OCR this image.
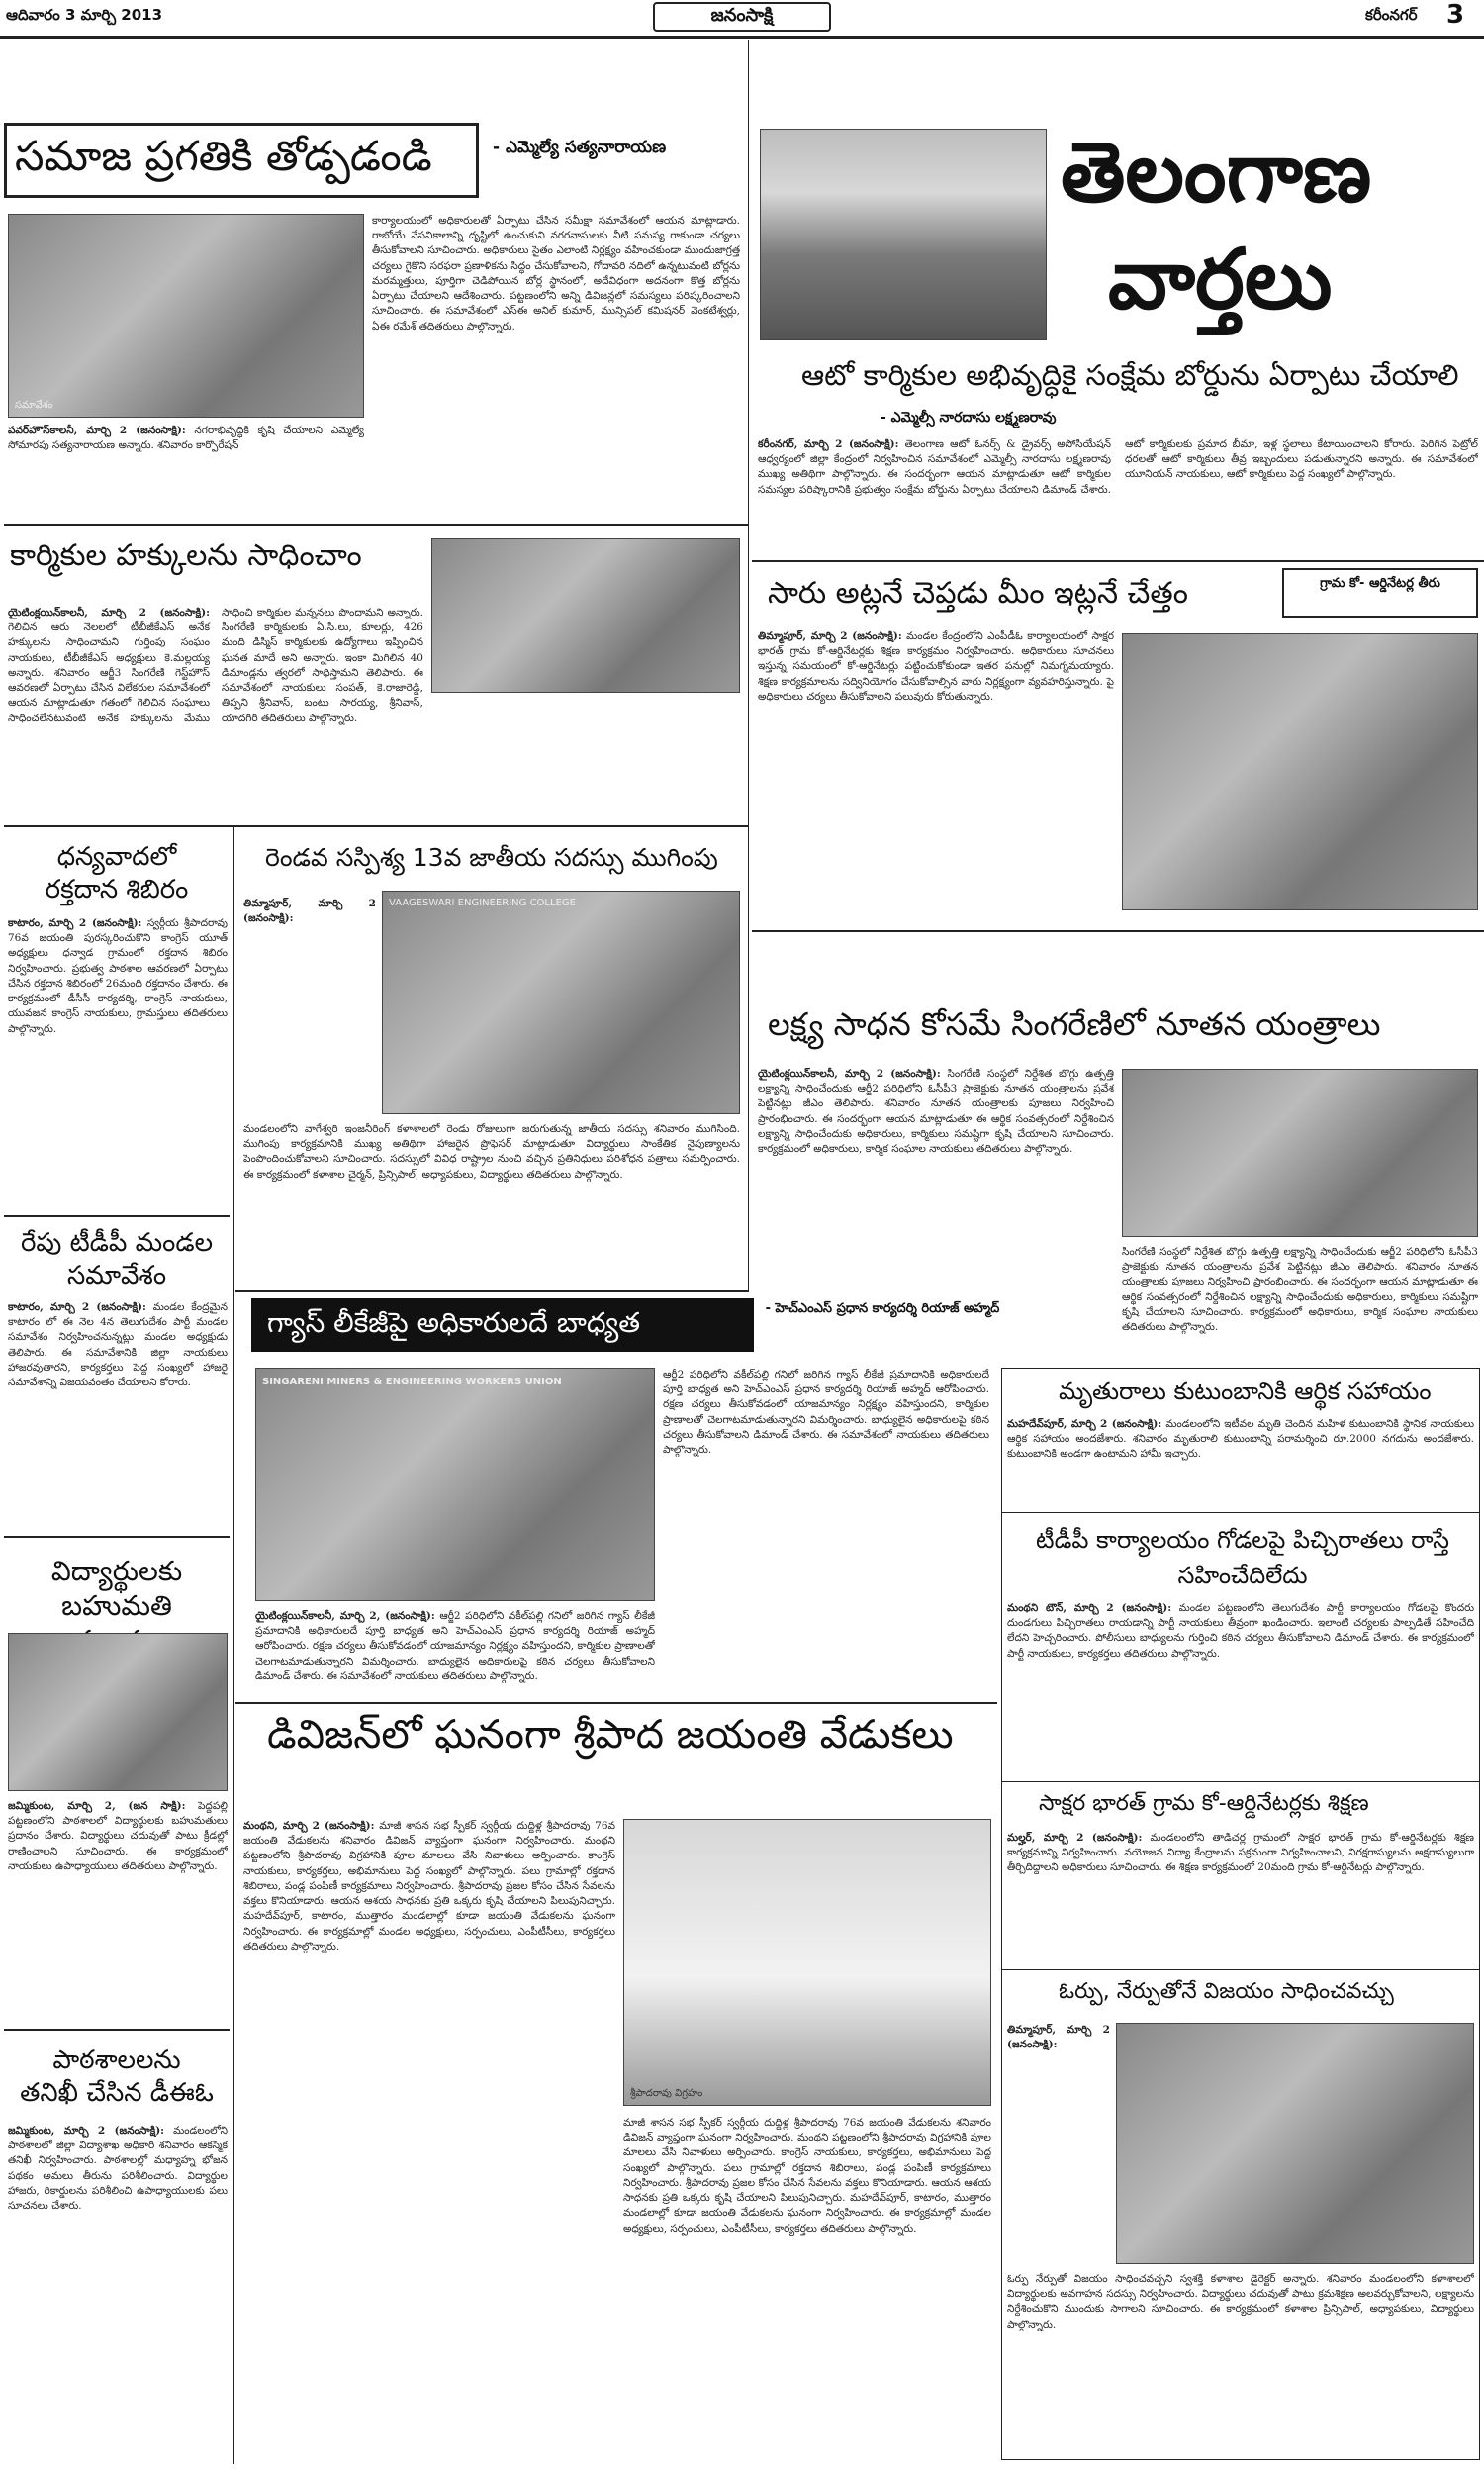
ఆదివారం 3 మార్చి 2013	జనంసాక్షి	కరీంనగర్ 3
సమాజ ప్రగతికి తోడ్పడండి	- ఎమ్మెల్యే సత్యనారాయణ
సమావేశం
కార్యాలయంలో అధికారులతో ఏర్పాటు చేసిన సమీక్షా సమావేశంలో ఆయన మాట్లాడారు. రాబోయే వేసవికాలాన్ని దృష్టిలో ఉంచుకుని నగరవాసులకు నీటి సమస్య రాకుండా చర్యలు తీసుకోవాలని సూచించారు. అధికారులు సైతం ఎలాంటి నిర్లక్ష్యం వహించకుండా ముందుజాగ్రత్త చర్యలు గైకొని సరఫరా ప్రణాళికను సిద్ధం చేసుకోవాలని, గోదావరి నదిలో ఉన్నటువంటి బోర్లను మరమ్మత్తులు, పూర్తిగా చెడిపోయిన బోర్ల స్థానంలో, అదేవిధంగా అదనంగా కొత్త బోర్లను ఏర్పాటు చేయాలని ఆదేశించారు. పట్టణంలోని అన్ని డివిజన్లలో సమస్యలు పరిష్కరించాలని సూచించారు. ఈ సమావేశంలో ఎస్ఈ అనిల్ కుమార్, మున్సిపల్ కమిషనర్ వెంకటేశ్వర్లు, ఏఈ రమేశ్ తదితరులు పాల్గొన్నారు.
పవర్‌హౌస్‌కాలనీ, మార్చి 2 (జనంసాక్షి): నగరాభివృద్ధికి కృషి చేయాలని ఎమ్మెల్యే సోమారపు సత్యనారాయణ అన్నారు. శనివారం కార్పొరేషన్
కార్మికుల హక్కులను సాధించాం
యైటింక్లయిన్‌కాలనీ, మార్చి 2 (జనంసాక్షి): గెలిచిన ఆరు నెలలలో టీబీజీకేఎస్ అనేక హక్కులను సాధించామని గుర్తింపు సంఘం నాయకులు, టీబీజీకేఎస్ అధ్యక్షులు కె.మల్లయ్య అన్నారు. శనివారం ఆర్జీ3 సింగరేణి గెస్ట్‌హౌస్ ఆవరణలో ఏర్పాటు చేసిన విలేకరుల సమావేశంలో ఆయన మాట్లాడుతూ గతంలో గెలిచిన సంఘాలు సాధించలేనటువంటి అనేక హక్కులను మేము సాధించి కార్మికుల మన్ననలు పొందామని అన్నారు. సింగరేణి కార్మికులకు ఏ.సి.లు, కూలర్లు, 426 మంది డిస్మిస్ కార్మికులకు ఉద్యోగాలు ఇప్పించిన ఘనత మాదే అని అన్నారు. ఇంకా మిగిలిన 40 డిమాండ్లను త్వరలో సాధిస్తామని తెలిపారు. ఈ సమావేశంలో నాయకులు సంపత్, కె.రాజారెడ్డి, తిప్పని శ్రీనివాస్, బంటు సారయ్య, శ్రీనివాస్, యాదగిరి తదితరులు పాల్గొన్నారు.
ధన్యవాదలో రక్తదాన శిబిరం
కాటారం, మార్చి 2 (జనంసాక్షి): స్వర్గీయ శ్రీపాదరావు 76వ జయంతి పురస్కరించుకొని కాంగ్రెస్ యూత్ అధ్యక్షులు ధన్వాడ గ్రామంలో రక్తదాన శిబిరం నిర్వహించారు. ప్రభుత్వ పాఠశాల ఆవరణలో ఏర్పాటు చేసిన రక్తదాన శిబిరంలో 26మంది రక్తదానం చేశారు. ఈ కార్యక్రమంలో డీసీసీ కార్యదర్శి, కాంగ్రెస్ నాయకులు, యువజన కాంగ్రెస్ నాయకులు, గ్రామస్తులు తదితరులు పాల్గొన్నారు.
రేపు టీడీపీ మండల సమావేశం
కాటారం, మార్చి 2 (జనంసాక్షి): మండల కేంద్రమైన కాటారం లో ఈ నెల 4న తెలుగుదేశం పార్టీ మండల సమావేశం నిర్వహించనున్నట్లు మండల అధ్యక్షుడు తెలిపారు. ఈ సమావేశానికి జిల్లా నాయకులు హాజరవుతారని, కార్యకర్తలు పెద్ద సంఖ్యలో హాజరై సమావేశాన్ని విజయవంతం చేయాలని కోరారు.
విద్యార్థులకు బహుమతి
జమ్మికుంట, మార్చి 2, (జన సాక్షి): పెద్దపల్లి పట్టణంలోని పాఠశాలలో విద్యార్థులకు బహుమతులు ప్రదానం చేశారు. విద్యార్థులు చదువుతో పాటు క్రీడల్లో రాణించాలని సూచించారు. ఈ కార్యక్రమంలో నాయకులు ఉపాధ్యాయులు తదితరులు పాల్గొన్నారు.
పాఠశాలలను తనిఖీ చేసిన డీఈఓ
జమ్మికుంట, మార్చి 2 (జనంసాక్షి): మండలంలోని పాఠశాలలో జిల్లా విద్యాశాఖ అధికారి శనివారం ఆకస్మిక తనిఖీ నిర్వహించారు. పాఠశాలల్లో మధ్యాహ్న భోజన పథకం అమలు తీరును పరిశీలించారు. విద్యార్థుల హాజరు, రికార్డులను పరిశీలించి ఉపాధ్యాయులకు పలు సూచనలు చేశారు.
రెండవ సస్పిశ్య 13వ జాతీయ సదస్సు ముగింపు
VAAGESWARI ENGINEERING COLLEGE
తిమ్మాపూర్, మార్చి 2 (జనంసాక్షి):
మండలంలోని వాగేశ్వరి ఇంజనీరింగ్ కళాశాలలో రెండు రోజులుగా జరుగుతున్న జాతీయ సదస్సు శనివారం ముగిసింది. ముగింపు కార్యక్రమానికి ముఖ్య అతిథిగా హాజరైన ప్రొఫెసర్ మాట్లాడుతూ విద్యార్థులు సాంకేతిక నైపుణ్యాలను పెంపొందించుకోవాలని సూచించారు. సదస్సులో వివిధ రాష్ట్రాల నుంచి వచ్చిన ప్రతినిధులు పరిశోధన పత్రాలు సమర్పించారు. ఈ కార్యక్రమంలో కళాశాల చైర్మన్, ప్రిన్సిపాల్, అధ్యాపకులు, విద్యార్థులు తదితరులు పాల్గొన్నారు.
గ్యాస్ లీకేజీపై అధికారులదే బాధ్యత	- హెచ్‌ఎంఎస్ ప్రధాన కార్యదర్శి రియాజ్ అహ్మద్
SINGARENI MINERS & ENGINEERING WORKERS UNION
యైటింక్లయిన్‌కాలనీ, మార్చి 2, (జనంసాక్షి): ఆర్జీ2 పరిధిలోని వకీల్‌పల్లి గనిలో జరిగిన గ్యాస్ లీకేజీ ప్రమాదానికి అధికారులదే పూర్తి బాధ్యత అని హెచ్‌ఎంఎస్ ప్రధాన కార్యదర్శి రియాజ్ అహ్మద్ ఆరోపించారు. రక్షణ చర్యలు తీసుకోవడంలో యాజమాన్యం నిర్లక్ష్యం వహిస్తుందని, కార్మికుల ప్రాణాలతో చెలగాటమాడుతున్నారని విమర్శించారు. బాధ్యులైన అధికారులపై కఠిన చర్యలు తీసుకోవాలని డిమాండ్ చేశారు. ఈ సమావేశంలో నాయకులు తదితరులు పాల్గొన్నారు.
ఆర్జీ2 పరిధిలోని వకీల్‌పల్లి గనిలో జరిగిన గ్యాస్ లీకేజీ ప్రమాదానికి అధికారులదే పూర్తి బాధ్యత అని హెచ్‌ఎంఎస్ ప్రధాన కార్యదర్శి రియాజ్ అహ్మద్ ఆరోపించారు. రక్షణ చర్యలు తీసుకోవడంలో యాజమాన్యం నిర్లక్ష్యం వహిస్తుందని, కార్మికుల ప్రాణాలతో చెలగాటమాడుతున్నారని విమర్శించారు. బాధ్యులైన అధికారులపై కఠిన చర్యలు తీసుకోవాలని డిమాండ్ చేశారు. ఈ సమావేశంలో నాయకులు తదితరులు పాల్గొన్నారు.
డివిజన్‌లో ఘనంగా శ్రీపాద జయంతి వేడుకలు
మంథని, మార్చి 2 (జనంసాక్షి): మాజీ శాసన సభ స్పీకర్ స్వర్గీయ దుద్దిళ్ల శ్రీపాదరావు 76వ జయంతి వేడుకలను శనివారం డివిజన్ వ్యాప్తంగా ఘనంగా నిర్వహించారు. మంథని పట్టణంలోని శ్రీపాదరావు విగ్రహానికి పూల మాలలు వేసి నివాళులు అర్పించారు. కాంగ్రెస్ నాయకులు, కార్యకర్తలు, అభిమానులు పెద్ద సంఖ్యలో పాల్గొన్నారు. పలు గ్రామాల్లో రక్తదాన శిబిరాలు, పండ్ల పంపిణీ కార్యక్రమాలు నిర్వహించారు. శ్రీపాదరావు ప్రజల కోసం చేసిన సేవలను వక్తలు కొనియాడారు. ఆయన ఆశయ సాధనకు ప్రతి ఒక్కరు కృషి చేయాలని పిలుపునిచ్చారు. మహదేవ్‌పూర్, కాటారం, ముత్తారం మండలాల్లో కూడా జయంతి వేడుకలను ఘనంగా నిర్వహించారు. ఈ కార్యక్రమాల్లో మండల అధ్యక్షులు, సర్పంచులు, ఎంపీటీసీలు, కార్యకర్తలు తదితరులు పాల్గొన్నారు.
శ్రీపాదరావు విగ్రహం
మాజీ శాసన సభ స్పీకర్ స్వర్గీయ దుద్దిళ్ల శ్రీపాదరావు 76వ జయంతి వేడుకలను శనివారం డివిజన్ వ్యాప్తంగా ఘనంగా నిర్వహించారు. మంథని పట్టణంలోని శ్రీపాదరావు విగ్రహానికి పూల మాలలు వేసి నివాళులు అర్పించారు. కాంగ్రెస్ నాయకులు, కార్యకర్తలు, అభిమానులు పెద్ద సంఖ్యలో పాల్గొన్నారు. పలు గ్రామాల్లో రక్తదాన శిబిరాలు, పండ్ల పంపిణీ కార్యక్రమాలు నిర్వహించారు. శ్రీపాదరావు ప్రజల కోసం చేసిన సేవలను వక్తలు కొనియాడారు. ఆయన ఆశయ సాధనకు ప్రతి ఒక్కరు కృషి చేయాలని పిలుపునిచ్చారు. మహదేవ్‌పూర్, కాటారం, ముత్తారం మండలాల్లో కూడా జయంతి వేడుకలను ఘనంగా నిర్వహించారు. ఈ కార్యక్రమాల్లో మండల అధ్యక్షులు, సర్పంచులు, ఎంపీటీసీలు, కార్యకర్తలు తదితరులు పాల్గొన్నారు.
తెలంగాణ
వార్తలు
ఆటో కార్మికుల అభివృద్ధికై సంక్షేమ బోర్డును ఏర్పాటు చేయాలి
- ఎమ్మెల్సీ నారదాసు లక్ష్మణరావు
కరీంనగర్, మార్చి 2 (జనంసాక్షి): తెలంగాణ ఆటో ఓనర్స్ & డ్రైవర్స్ అసోసియేషన్ ఆధ్వర్యంలో జిల్లా కేంద్రంలో నిర్వహించిన సమావేశంలో ఎమ్మెల్సీ నారదాసు లక్ష్మణరావు ముఖ్య అతిథిగా పాల్గొన్నారు. ఈ సందర్భంగా ఆయన మాట్లాడుతూ ఆటో కార్మికుల సమస్యల పరిష్కారానికి ప్రభుత్వం సంక్షేమ బోర్డును ఏర్పాటు చేయాలని డిమాండ్ చేశారు. ఆటో కార్మికులకు ప్రమాద బీమా, ఇళ్ల స్థలాలు కేటాయించాలని కోరారు. పెరిగిన పెట్రోల్ ధరలతో ఆటో కార్మికులు తీవ్ర ఇబ్బందులు పడుతున్నారని అన్నారు. ఈ సమావేశంలో యూనియన్ నాయకులు, ఆటో కార్మికులు పెద్ద సంఖ్యలో పాల్గొన్నారు.
సారు అట్లనే చెప్తడు మీం ఇట్లనే చేత్తం	గ్రామ కో- ఆర్డినేటర్ల తీరు
తిమ్మాపూర్, మార్చి 2 (జనంసాక్షి): మండల కేంద్రంలోని ఎంపీడీఓ కార్యాలయంలో సాక్షర భారత్ గ్రామ కో-ఆర్డినేటర్లకు శిక్షణ కార్యక్రమం నిర్వహించారు. అధికారులు సూచనలు ఇస్తున్న సమయంలో కో-ఆర్డినేటర్లు పట్టించుకోకుండా ఇతర పనుల్లో నిమగ్నమయ్యారు. శిక్షణ కార్యక్రమాలను సద్వినియోగం చేసుకోవాల్సిన వారు నిర్లక్ష్యంగా వ్యవహరిస్తున్నారు. పై అధికారులు చర్యలు తీసుకోవాలని పలువురు కోరుతున్నారు.
లక్ష్య సాధన కోసమే సింగరేణిలో నూతన యంత్రాలు
యైటింక్లయిన్‌కాలనీ, మార్చి 2 (జనంసాక్షి): సింగరేణి సంస్థలో నిర్దేశిత బొగ్గు ఉత్పత్తి లక్ష్యాన్ని సాధించేందుకు ఆర్జీ2 పరిధిలోని ఓసీపీ3 ప్రాజెక్టుకు నూతన యంత్రాలను ప్రవేశ పెట్టినట్లు జీఎం తెలిపారు. శనివారం నూతన యంత్రాలకు పూజలు నిర్వహించి ప్రారంభించారు. ఈ సందర్భంగా ఆయన మాట్లాడుతూ ఈ ఆర్థిక సంవత్సరంలో నిర్దేశించిన లక్ష్యాన్ని సాధించేందుకు అధికారులు, కార్మికులు సమష్టిగా కృషి చేయాలని సూచించారు. కార్యక్రమంలో అధికారులు, కార్మిక సంఘాల నాయకులు తదితరులు పాల్గొన్నారు.
సింగరేణి సంస్థలో నిర్దేశిత బొగ్గు ఉత్పత్తి లక్ష్యాన్ని సాధించేందుకు ఆర్జీ2 పరిధిలోని ఓసీపీ3 ప్రాజెక్టుకు నూతన యంత్రాలను ప్రవేశ పెట్టినట్లు జీఎం తెలిపారు. శనివారం నూతన యంత్రాలకు పూజలు నిర్వహించి ప్రారంభించారు. ఈ సందర్భంగా ఆయన మాట్లాడుతూ ఈ ఆర్థిక సంవత్సరంలో నిర్దేశించిన లక్ష్యాన్ని సాధించేందుకు అధికారులు, కార్మికులు సమష్టిగా కృషి చేయాలని సూచించారు. కార్యక్రమంలో అధికారులు, కార్మిక సంఘాల నాయకులు తదితరులు పాల్గొన్నారు.
మృతురాలు కుటుంబానికి ఆర్థిక సహాయం
మహదేవ్‌పూర్, మార్చి 2 (జనంసాక్షి): మండలంలోని ఇటీవల మృతి చెందిన మహిళ కుటుంబానికి స్థానిక నాయకులు ఆర్థిక సహాయం అందజేశారు. శనివారం మృతురాలి కుటుంబాన్ని పరామర్శించి రూ.2000 నగదును అందజేశారు. కుటుంబానికి అండగా ఉంటామని హామీ ఇచ్చారు.
టీడీపీ కార్యాలయం గోడలపై పిచ్చిరాతలు రాస్తే సహించేదిలేదు
మంథని టౌన్, మార్చి 2 (జనంసాక్షి): మండల పట్టణంలోని తెలుగుదేశం పార్టీ కార్యాలయం గోడలపై కొందరు దుండగులు పిచ్చిరాతలు రాయడాన్ని పార్టీ నాయకులు తీవ్రంగా ఖండించారు. ఇలాంటి చర్యలకు పాల్పడితే సహించేది లేదని హెచ్చరించారు. పోలీసులు బాధ్యులను గుర్తించి కఠిన చర్యలు తీసుకోవాలని డిమాండ్ చేశారు. ఈ కార్యక్రమంలో పార్టీ నాయకులు, కార్యకర్తలు తదితరులు పాల్గొన్నారు.
సాక్షర భారత్ గ్రామ కో-ఆర్డినేటర్లకు శిక్షణ
మల్హర్, మార్చి 2 (జనంసాక్షి): మండలంలోని తాడిచర్ల గ్రామంలో సాక్షర భారత్ గ్రామ కో-ఆర్డినేటర్లకు శిక్షణ కార్యక్రమాన్ని నిర్వహించారు. వయోజన విద్యా కేంద్రాలను సక్రమంగా నిర్వహించాలని, నిరక్షరాస్యులను అక్షరాస్యులుగా తీర్చిదిద్దాలని అధికారులు సూచించారు. ఈ శిక్షణ కార్యక్రమంలో 20మంది గ్రామ కో-ఆర్డినేటర్లు పాల్గొన్నారు.
ఓర్పు, నేర్పుతోనే విజయం సాధించవచ్చు
తిమ్మాపూర్, మార్చి 2 (జనంసాక్షి):
ఓర్పు నేర్పుతో విజయం సాధించవచ్చని స్వశక్తి కళాశాల డైరెక్టర్ అన్నారు. శనివారం మండలంలోని కళాశాలలో విద్యార్థులకు అవగాహన సదస్సు నిర్వహించారు. విద్యార్థులు చదువుతో పాటు క్రమశిక్షణ అలవర్చుకోవాలని, లక్ష్యాలను నిర్దేశించుకొని ముందుకు సాగాలని సూచించారు. ఈ కార్యక్రమంలో కళాశాల ప్రిన్సిపాల్, అధ్యాపకులు, విద్యార్థులు పాల్గొన్నారు.
